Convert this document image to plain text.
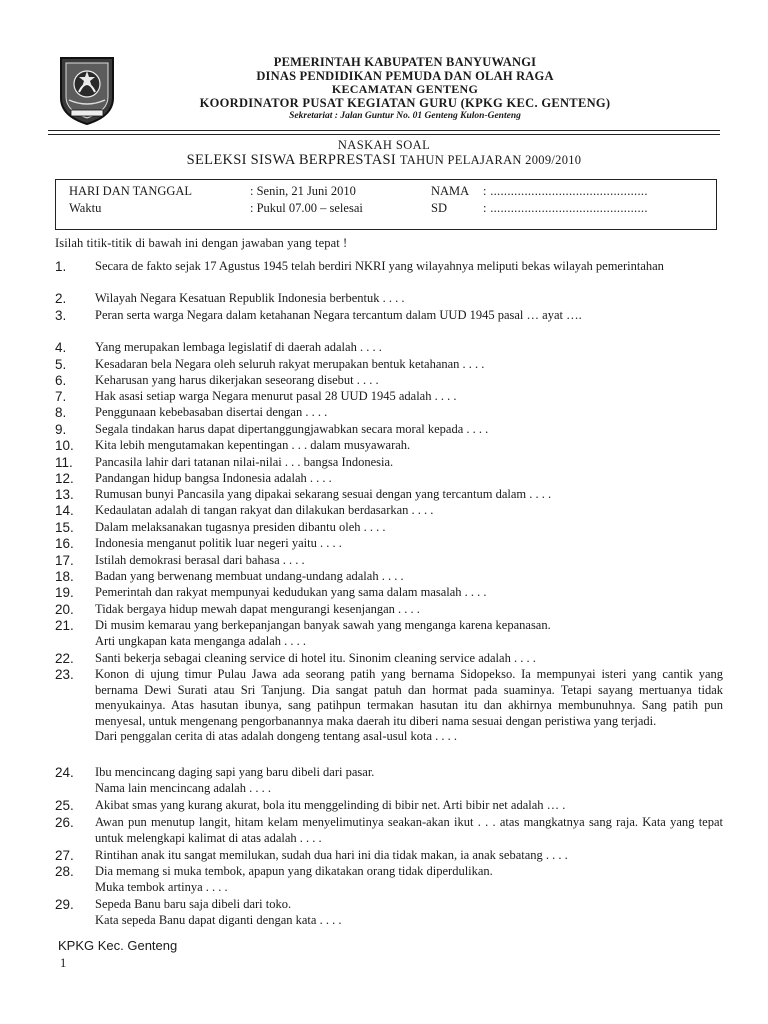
PEMERINTAH KABUPATEN BANYUWANGI
DINAS PENDIDIKAN PEMUDA DAN OLAH RAGA
KECAMATAN GENTENG
KOORDINATOR PUSAT KEGIATAN GURU (KPKG KEC. GENTENG)
Sekretariat : Jalan Guntur No. 01 Genteng Kulon-Genteng
NASKAH SOAL
SELEKSI SISWA BERPRESTASI TAHUN PELAJARAN 2009/2010
HARI DAN TANGGAL	: Senin, 21 Juni 2010	NAMA : ..............................................
Waktu	: Pukul 07.00 – selesai	SD	: ..............................................
Isilah titik-titik di bawah ini dengan jawaban yang tepat !
1.	Secara de fakto sejak 17 Agustus 1945 telah berdiri NKRI yang wilayahnya meliputi bekas wilayah pemerintahan
2.	Wilayah Negara Kesatuan Republik Indonesia berbentuk . . . .
3.	Peran serta warga Negara dalam ketahanan Negara tercantum dalam UUD 1945 pasal … ayat ….
4.	Yang merupakan lembaga legislatif di daerah adalah . . . .
5.	Kesadaran bela Negara oleh seluruh rakyat merupakan bentuk ketahanan . . . .
6.	Keharusan yang harus dikerjakan seseorang disebut . . . .
7.	Hak asasi setiap warga Negara menurut pasal 28 UUD 1945 adalah . . . .
8.	Penggunaan kebebasaban disertai dengan . . . .
9.	Segala tindakan harus dapat dipertanggungjawabkan secara moral kepada . . . .
10.	Kita lebih mengutamakan kepentingan . . . dalam musyawarah.
11.	Pancasila lahir dari tatanan nilai-nilai . . . bangsa Indonesia.
12.	Pandangan hidup bangsa Indonesia adalah . . . .
13.	Rumusan bunyi Pancasila yang dipakai sekarang sesuai dengan yang tercantum dalam . . . .
14.	Kedaulatan adalah di tangan rakyat dan dilakukan berdasarkan . . . .
15.	Dalam melaksanakan tugasnya presiden dibantu oleh . . . .
16.	Indonesia menganut politik luar negeri yaitu . . . .
17.	Istilah demokrasi berasal dari bahasa . . . .
18.	Badan yang berwenang membuat undang-undang adalah . . . .
19.	Pemerintah dan rakyat mempunyai kedudukan yang sama dalam masalah . . . .
20.	Tidak bergaya hidup mewah dapat mengurangi kesenjangan . . . .
21.	Di musim kemarau yang berkepanjangan banyak sawah yang menganga karena kepanasan.
Arti ungkapan kata menganga adalah . . . .
22.	Santi bekerja sebagai cleaning service di hotel itu. Sinonim cleaning service adalah . . . .
23.	Konon di ujung timur Pulau Jawa ada seorang patih yang bernama Sidopekso. Ia mempunyai isteri yang cantik yang bernama Dewi Surati atau Sri Tanjung. Dia sangat patuh dan hormat pada suaminya. Tetapi sayang mertuanya tidak menyukainya. Atas hasutan ibunya, sang patihpun termakan hasutan itu dan akhirnya membunuhnya. Sang patih pun menyesal, untuk mengenang pengorbanannya maka daerah itu diberi nama sesuai dengan peristiwa yang terjadi.
Dari penggalan cerita di atas adalah dongeng tentang asal-usul kota . . . .
24.	Ibu mencincang daging sapi yang baru dibeli dari pasar.
Nama lain mencincang adalah . . . .
25.	Akibat smas yang kurang akurat, bola itu menggelinding di bibir net. Arti bibir net adalah … .
26.	Awan pun menutup langit, hitam kelam menyelimutinya seakan-akan ikut . . . atas mangkatnya sang raja. Kata yang tepat untuk melengkapi kalimat di atas adalah . . . .
27.	Rintihan anak itu sangat memilukan, sudah dua hari ini dia tidak makan, ia anak sebatang . . . .
28.	Dia memang si muka tembok, apapun yang dikatakan orang tidak diperdulikan.
Muka tembok artinya . . . .
29.	Sepeda Banu baru saja dibeli dari toko.
Kata sepeda Banu dapat diganti dengan kata . . . .
KPKG Kec. Genteng
1
